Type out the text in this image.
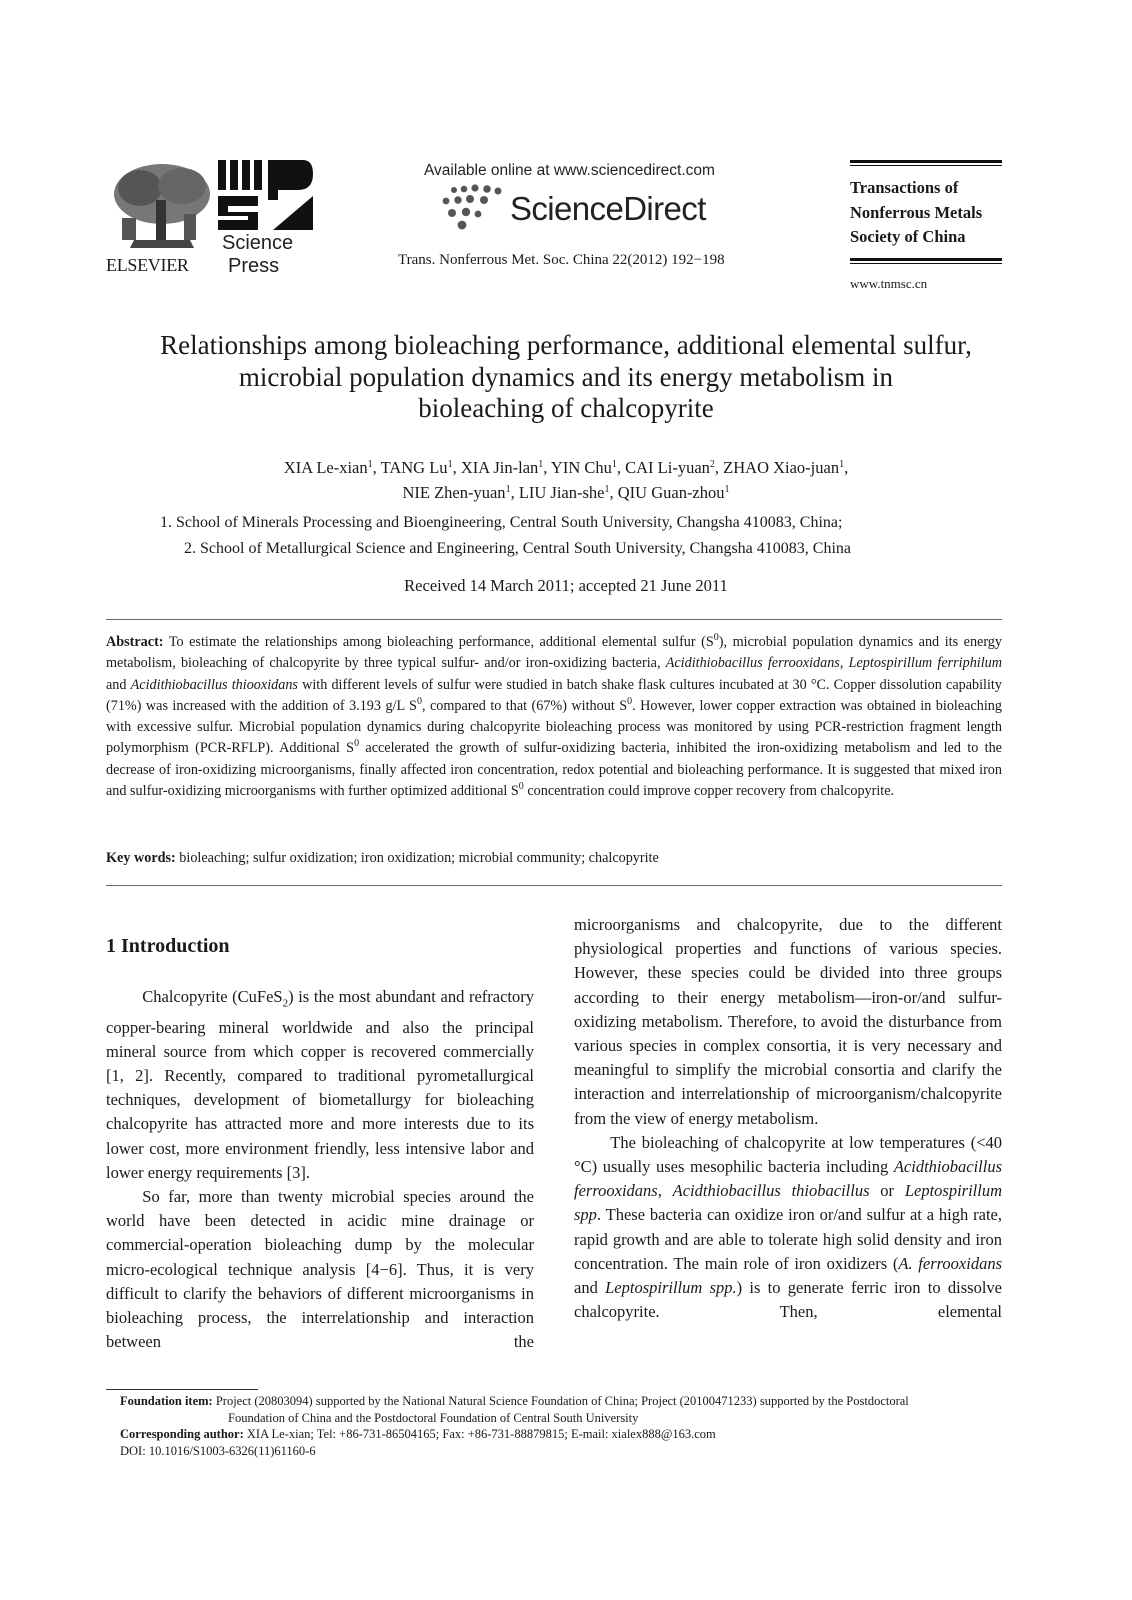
ELSEVIER
Science
Press
Available online at www.sciencedirect.com
ScienceDirect
Trans. Nonferrous Met. Soc. China 22(2012) 192−198
Transactions of
Nonferrous Metals
Society of China
www.tnmsc.cn
Relationships among bioleaching performance, additional elemental sulfur,
microbial population dynamics and its energy metabolism in
bioleaching of chalcopyrite
XIA Le-xian$^1$, TANG Lu$^1$, XIA Jin-lan$^1$, YIN Chu$^1$, CAI Li-yuan$^2$, ZHAO Xiao-juan$^1$,
NIE Zhen-yuan$^1$, LIU Jian-she$^1$, QIU Guan-zhou$^1$
1. School of Minerals Processing and Bioengineering, Central South University, Changsha 410083, China;
2. School of Metallurgical Science and Engineering, Central South University, Changsha 410083, China
Received 14 March 2011; accepted 21 June 2011

Abstract: To estimate the relationships among bioleaching performance, additional elemental sulfur $(S^0)$, microbial population dynamics and its energy metabolism, bioleaching of chalcopyrite by three typical sulfur- and/or iron-oxidizing bacteria, Acidithiobacillus ferrooxidans, Leptospirillum ferriphilum and Acidithiobacillus thiooxidans with different levels of sulfur were studied in batch shake flask cultures incubated at 30 °C. Copper dissolution capability (71%) was increased with the addition of 3.193 g/L $S^0$, compared to that (67%) without $S^0$. However, lower copper extraction was obtained in bioleaching with excessive sulfur. Microbial population dynamics during chalcopyrite bioleaching process was monitored by using PCR-restriction fragment length polymorphism (PCR-RFLP). Additional $S^0$ accelerated the growth of sulfur-oxidizing bacteria, inhibited the iron-oxidizing metabolism and led to the decrease of iron-oxidizing microorganisms, finally affected iron concentration, redox potential and bioleaching performance. It is suggested that mixed iron and sulfur-oxidizing microorganisms with further optimized additional $S^0$ concentration could improve copper recovery from chalcopyrite.

Key words: bioleaching; sulfur oxidization; iron oxidization; microbial community; chalcopyrite
1 Introduction

Chalcopyrite (CuFeS$_2$) is the most abundant and refractory copper-bearing mineral worldwide and also the principal mineral source from which copper is recovered commercially [1, 2]. Recently, compared to traditional pyrometallurgical techniques, development of biometallurgy for bioleaching chalcopyrite has attracted more and more interests due to its lower cost, more environment friendly, less intensive labor and lower energy requirements [3].

So far, more than twenty microbial species around the world have been detected in acidic mine drainage or commercial-operation bioleaching dump by the molecular micro-ecological technique analysis [4−6]. Thus, it is very difficult to clarify the behaviors of different microorganisms in bioleaching process, the interrelationship and interaction between the

microorganisms and chalcopyrite, due to the different physiological properties and functions of various species. However, these species could be divided into three groups according to their energy metabolism—iron-or/and sulfur-oxidizing metabolism. Therefore, to avoid the disturbance from various species in complex consortia, it is very necessary and meaningful to simplify the microbial consortia and clarify the interaction and interrelationship of microorganism/chalcopyrite from the view of energy metabolism.

The bioleaching of chalcopyrite at low temperatures (<40 °C) usually uses mesophilic bacteria including Acidthiobacillus ferrooxidans, Acidthiobacillus thiobacillus or Leptospirillum spp. These bacteria can oxidize iron or/and sulfur at a high rate, rapid growth and are able to tolerate high solid density and iron concentration. The main role of iron oxidizers (A. ferrooxidans and Leptospirillum spp.) is to generate ferric iron to dissolve chalcopyrite. Then, elemental

Foundation item: Project (20803094) supported by the National Natural Science Foundation of China; Project (20100471233) supported by the Postdoctoral

Foundation of China and the Postdoctoral Foundation of Central South University

Corresponding author: XIA Le-xian; Tel: +86-731-86504165; Fax: +86-731-88879815; E-mail: xialex888@163.com

DOI: 10.1016/S1003-6326(11)61160-6
